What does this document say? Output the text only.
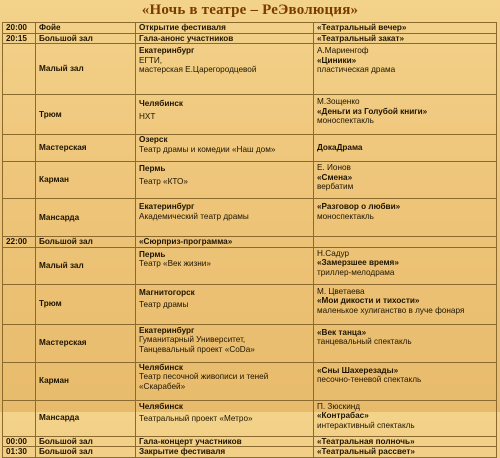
«Ночь в театре – РеЭволюция»
20:00	Фойе	Открытие фестиваля	«Театральный вечер»
20:15	Большой зал	Гала-анонс участников	«Театральный закат»
	Малый зал	Екатеринбург
ЕГТИ,
мастерская Е.Царегородцевой	А.Мариенгоф
«Циники»
пластическая драма

	Трюм	Челябинск
НХТ	М.Зощенко
«Деньги из Голубой книги»
моноспектакль

	Мастерская	Озерск
Театр драмы и комедии «Наш дом»	ДокаДрама
	Карман	Пермь
Театр «КТО»	Е. Ионов
«Смена»
вербатим

	Мансарда	Екатеринбург
Академический театр драмы	«Разговор о любви»
моноспектакль

22:00	Большой зал	«Сюрприз-программа»	
	Малый зал	Пермь
Театр «Век жизни»	Н.Садур
«Замерзшее время»
триллер-мелодрама

	Трюм	Магнитогорск
Театр драмы	М. Цветаева
«Мои дикости и тихости»
маленькое хулиганство в луче фонаря

	Мастерская	Екатеринбург
Гуманитарный Университет,
Танцевальный проект «CoDa»	«Век танца»
танцевальный спектакль

	Карман	Челябинск
Театр песочной живописи и теней
«Скарабей»	«Сны Шахерезады»
песочно-теневой спектакль

	Мансарда	Челябинск
Театральный проект «Метро»	П. Зюскинд
«Контрабас»
интерактивный спектакль

00:00	Большой зал	Гала-концерт участников	«Театральная полночь»
01:30	Большой зал	Закрытие фестиваля	«Театральный рассвет»
